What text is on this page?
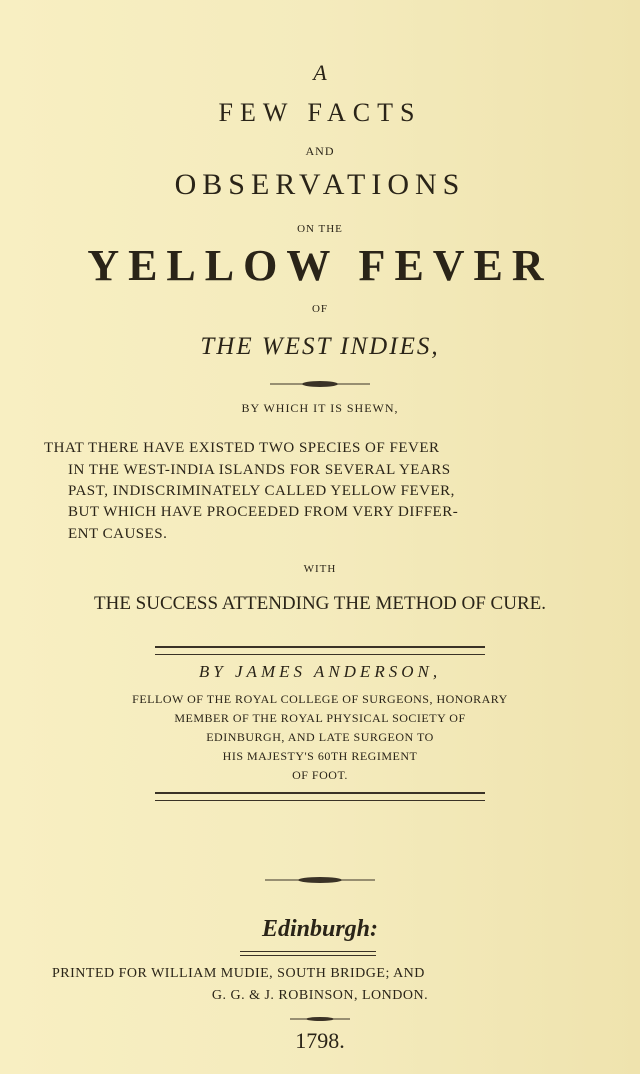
A
FEW FACTS
AND
OBSERVATIONS
ON THE
YELLOW FEVER
OF
THE WEST INDIES,
BY WHICH IT IS SHEWN,
THAT THERE HAVE EXISTED TWO SPECIES OF FEVER
IN THE WEST-INDIA ISLANDS FOR SEVERAL YEARS
PAST, INDISCRIMINATELY CALLED YELLOW FEVER,
BUT WHICH HAVE PROCEEDED FROM VERY DIFFER-
ENT CAUSES.
WITH
THE SUCCESS ATTENDING THE METHOD OF CURE.
BY JAMES ANDERSON,
FELLOW OF THE ROYAL COLLEGE OF SURGEONS, HONORARY
MEMBER OF THE ROYAL PHYSICAL SOCIETY OF
EDINBURGH, AND LATE SURGEON TO
HIS MAJESTY'S 60TH REGIMENT
OF FOOT.
Edinburgh:
PRINTED FOR WILLIAM MUDIE, SOUTH BRIDGE; AND
G. G. & J. ROBINSON, LONDON.
1798.
